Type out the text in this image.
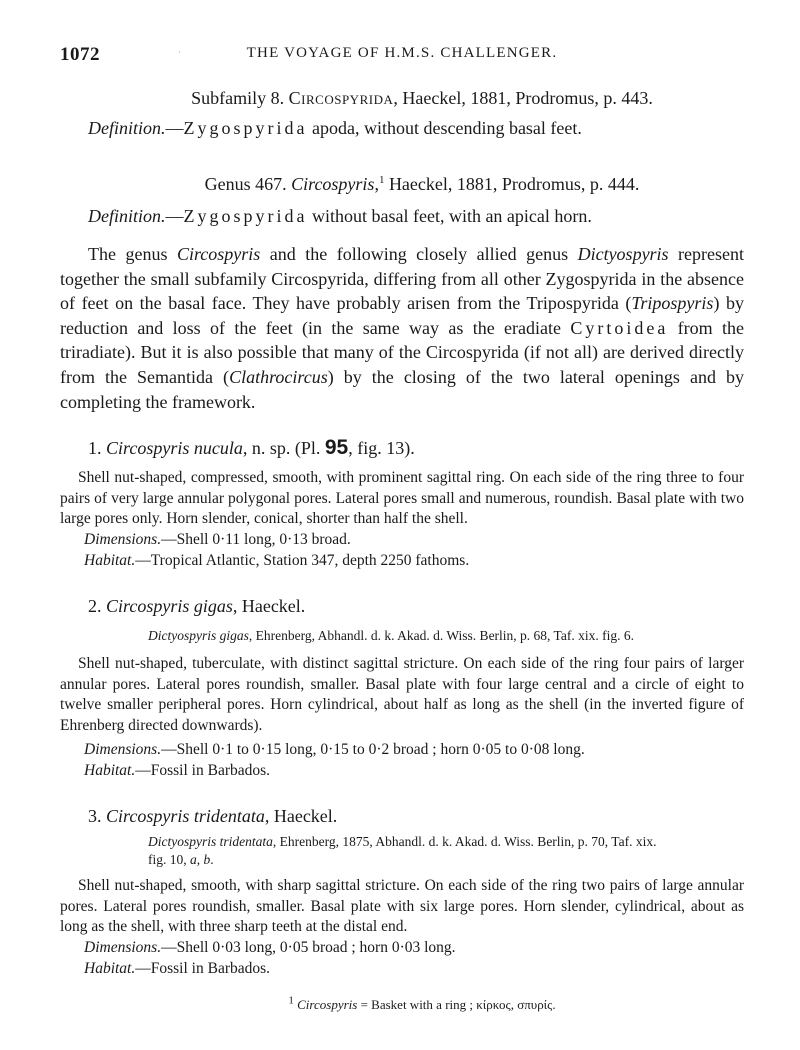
1072	·	THE VOYAGE OF H.M.S. CHALLENGER.
Subfamily 8. Circospyrida, Haeckel, 1881, Prodromus, p. 443.
Definition.—Zygospyrida apoda, without descending basal feet.
Genus 467. Circospyris,$^1$ Haeckel, 1881, Prodromus, p. 444.
Definition.—Zygospyrida without basal feet, with an apical horn.
The genus Circospyris and the following closely allied genus Dictyospyris represent together the small subfamily Circospyrida, differing from all other Zygospyrida in the absence of feet on the basal face. They have probably arisen from the Tripospyrida (Tripospyris) by reduction and loss of the feet (in the same way as the eradiate Cyrtoidea from the triradiate). But it is also possible that many of the Circospyrida (if not all) are derived directly from the Semantida (Clathrocircus) by the closing of the two lateral openings and by completing the framework.
1. Circospyris nucula, n. sp. (Pl. 95, fig. 13).
Shell nut-shaped, compressed, smooth, with prominent sagittal ring. On each side of the ring three to four pairs of very large annular polygonal pores. Lateral pores small and numerous, roundish. Basal plate with two large pores only. Horn slender, conical, shorter than half the shell.
Dimensions.—Shell 0·11 long, 0·13 broad.
Habitat.—Tropical Atlantic, Station 347, depth 2250 fathoms.
2. Circospyris gigas, Haeckel.
Dictyospyris gigas, Ehrenberg, Abhandl. d. k. Akad. d. Wiss. Berlin, p. 68, Taf. xix. fig. 6.
Shell nut-shaped, tuberculate, with distinct sagittal stricture. On each side of the ring four pairs of larger annular pores. Lateral pores roundish, smaller. Basal plate with four large central and a circle of eight to twelve smaller peripheral pores. Horn cylindrical, about half as long as the shell (in the inverted figure of Ehrenberg directed downwards).
Dimensions.—Shell 0·1 to 0·15 long, 0·15 to 0·2 broad ; horn 0·05 to 0·08 long.
Habitat.—Fossil in Barbados.
3. Circospyris tridentata, Haeckel.
Dictyospyris tridentata, Ehrenberg, 1875, Abhandl. d. k. Akad. d. Wiss. Berlin, p. 70, Taf. xix.
fig. 10, a, b.
Shell nut-shaped, smooth, with sharp sagittal stricture. On each side of the ring two pairs of large annular pores. Lateral pores roundish, smaller. Basal plate with six large pores. Horn slender, cylindrical, about as long as the shell, with three sharp teeth at the distal end.
Dimensions.—Shell 0·03 long, 0·05 broad ; horn 0·03 long.
Habitat.—Fossil in Barbados.
$^1$ Circospyris = Basket with a ring ; κίρκος, σπυρίς.
